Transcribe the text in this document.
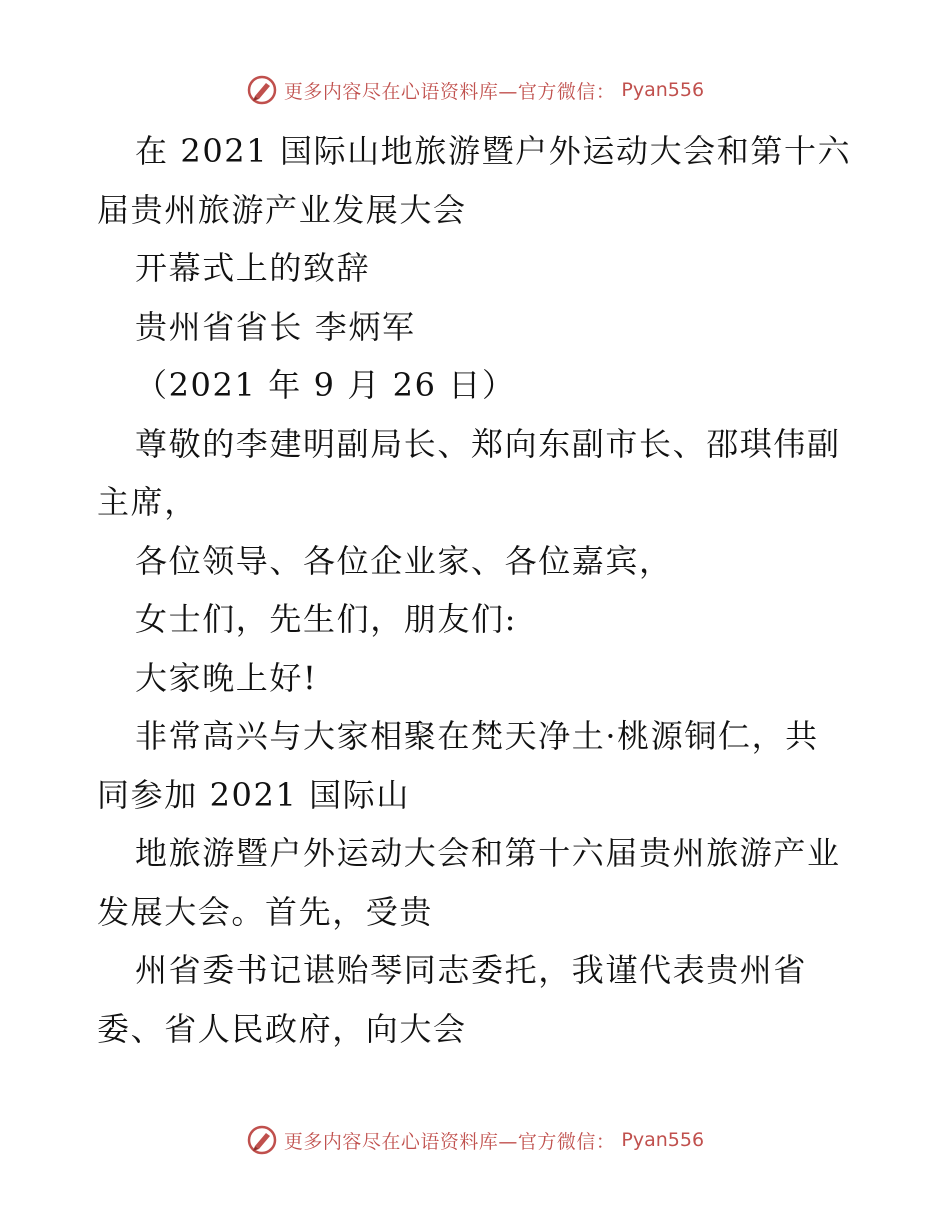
更多内容尽在心语资料库—官方微信： Pyan556
在 2021 国际山地旅游暨户外运动大会和第十六
届贵州旅游产业发展大会
开幕式上的致辞
贵州省省长 李炳军
（2021 年 9 月 26 日）
尊敬的李建明副局长、郑向东副市长、邵琪伟副
主席，
各位领导、各位企业家、各位嘉宾，
女士们，先生们，朋友们:
大家晚上好!
非常高兴与大家相聚在梵天净土·桃源铜仁，共
同参加 2021 国际山
地旅游暨户外运动大会和第十六届贵州旅游产业
发展大会。首先，受贵
州省委书记谌贻琴同志委托，我谨代表贵州省
委、省人民政府，向大会
更多内容尽在心语资料库—官方微信： Pyan556
